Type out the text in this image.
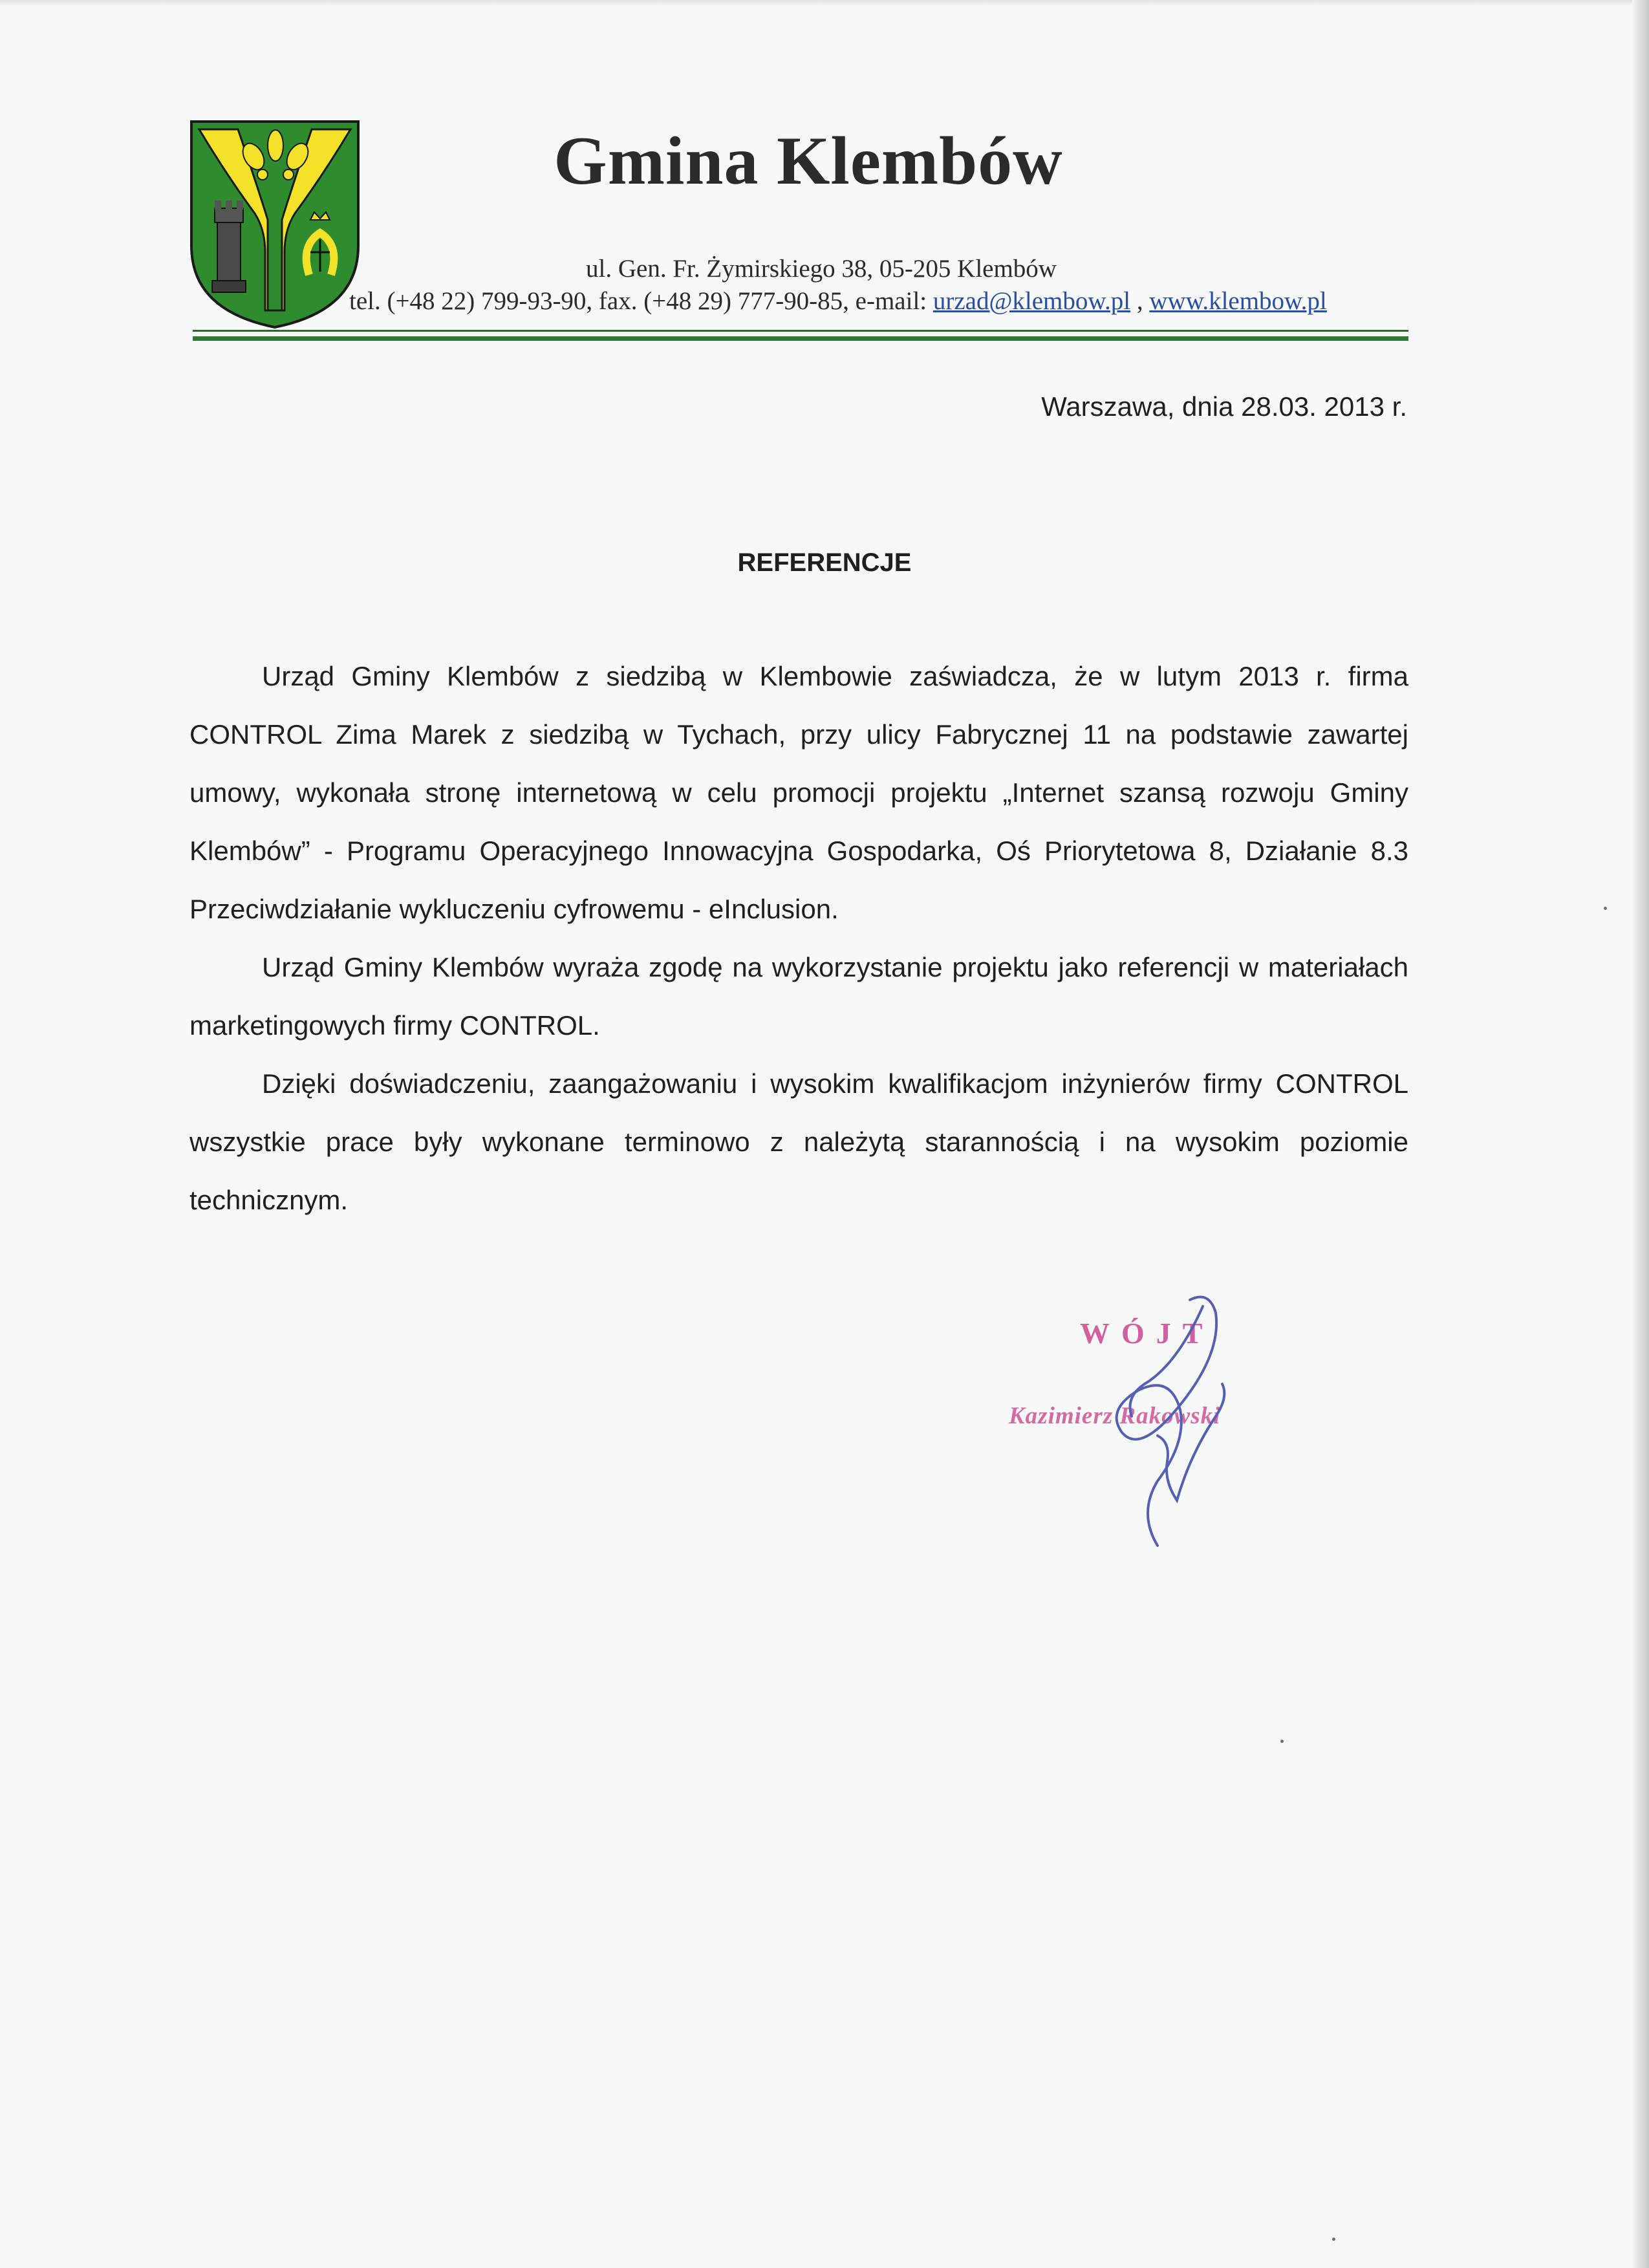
Gmina Klembów
ul. Gen. Fr. Żymirskiego 38, 05-205 Klembów
tel. (+48 22) 799-93-90, fax. (+48 29) 777-90-85, e-mail: urzad@klembow.pl , www.klembow.pl
Warszawa, dnia 28.03. 2013 r.
REFERENCJE

Urząd Gminy Klembów z siedzibą w Klembowie zaświadcza, że w lutym 2013 r. firma CONTROL Zima Marek z siedzibą w Tychach, przy ulicy Fabrycznej 11 na podstawie zawartej umowy, wykonała stronę internetową w celu promocji projektu „Internet szansą rozwoju Gminy Klembów” - Programu Operacyjnego Innowacyjna Gospodarka, Oś Priorytetowa 8, Działanie 8.3 Przeciwdziałanie wykluczeniu cyfrowemu - eInclusion.

Urząd Gminy Klembów wyraża zgodę na wykorzystanie projektu jako referencji w materiałach marketingowych firmy CONTROL.

Dzięki doświadczeniu, zaangażowaniu i wysokim kwalifikacjom inżynierów firmy CONTROL wszystkie prace były wykonane terminowo z należytą starannością i na wysokim poziomie technicznym.

WÓJT
Kazimierz Rakowski
